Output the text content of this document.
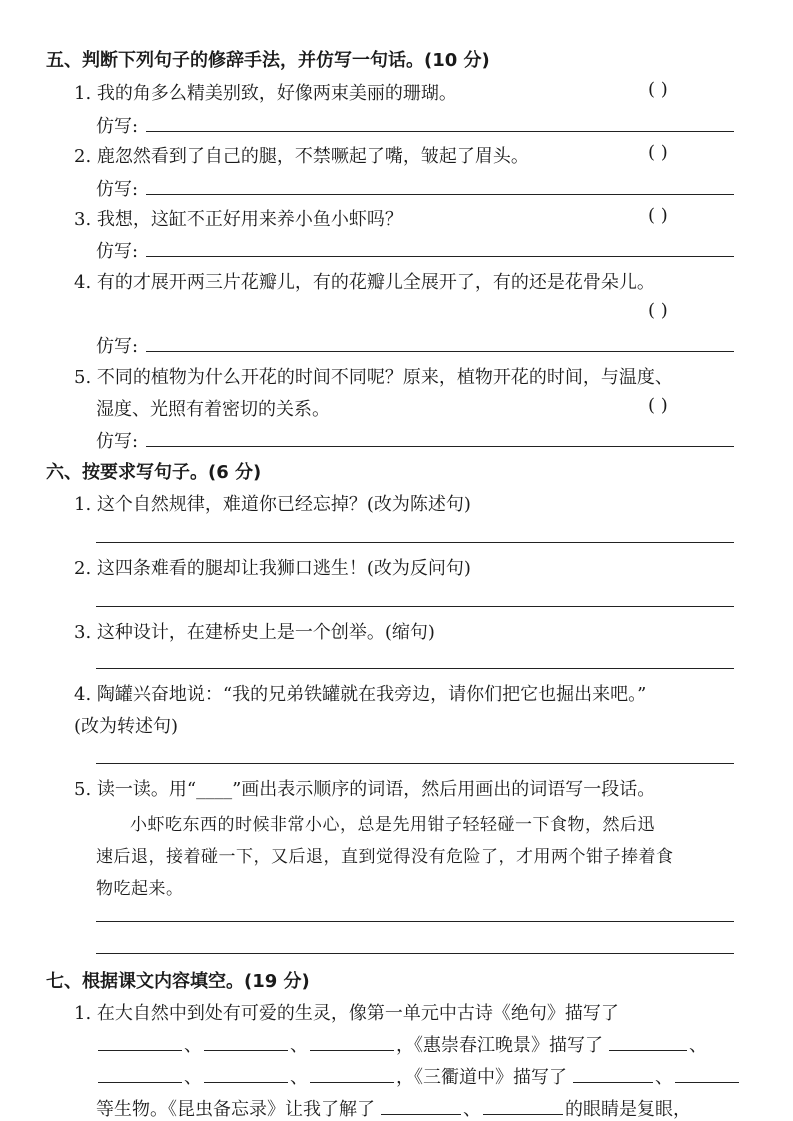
五、判断下列句子的修辞手法，并仿写一句话。(10 分)
1. 我的角多么精美别致，好像两束美丽的珊瑚。	( )
仿写:
2. 鹿忽然看到了自己的腿，不禁噘起了嘴，皱起了眉头。	( )
仿写:
3. 我想，这缸不正好用来养小鱼小虾吗？	( )
仿写:
4. 有的才展开两三片花瓣儿，有的花瓣儿全展开了，有的还是花骨朵儿。
( )
仿写:
5. 不同的植物为什么开花的时间不同呢？原来，植物开花的时间，与温度、
湿度、光照有着密切的关系。	( )
仿写:
六、按要求写句子。(6 分)
1. 这个自然规律，难道你已经忘掉？(改为陈述句)
2. 这四条难看的腿却让我狮口逃生！(改为反问句)
3. 这种设计，在建桥史上是一个创举。(缩句)
4. 陶罐兴奋地说：“我的兄弟铁罐就在我旁边，请你们把它也掘出来吧。”
(改为转述句)
5. 读一读。用“____”画出表示顺序的词语，然后用画出的词语写一段话。
小虾吃东西的时候非常小心，总是先用钳子轻轻碰一下食物，然后迅
速后退，接着碰一下，又后退，直到觉得没有危险了，才用两个钳子捧着食
物吃起来。
七、根据课文内容填空。(19 分)
1. 在大自然中到处有可爱的生灵，像第一单元中古诗《绝句》描写了
、	、	，《惠崇春江晚景》描写了	、
、	、	，《三衢道中》描写了	、
等生物。《昆虫备忘录》让我了解了	、	的眼睛是复眼，
